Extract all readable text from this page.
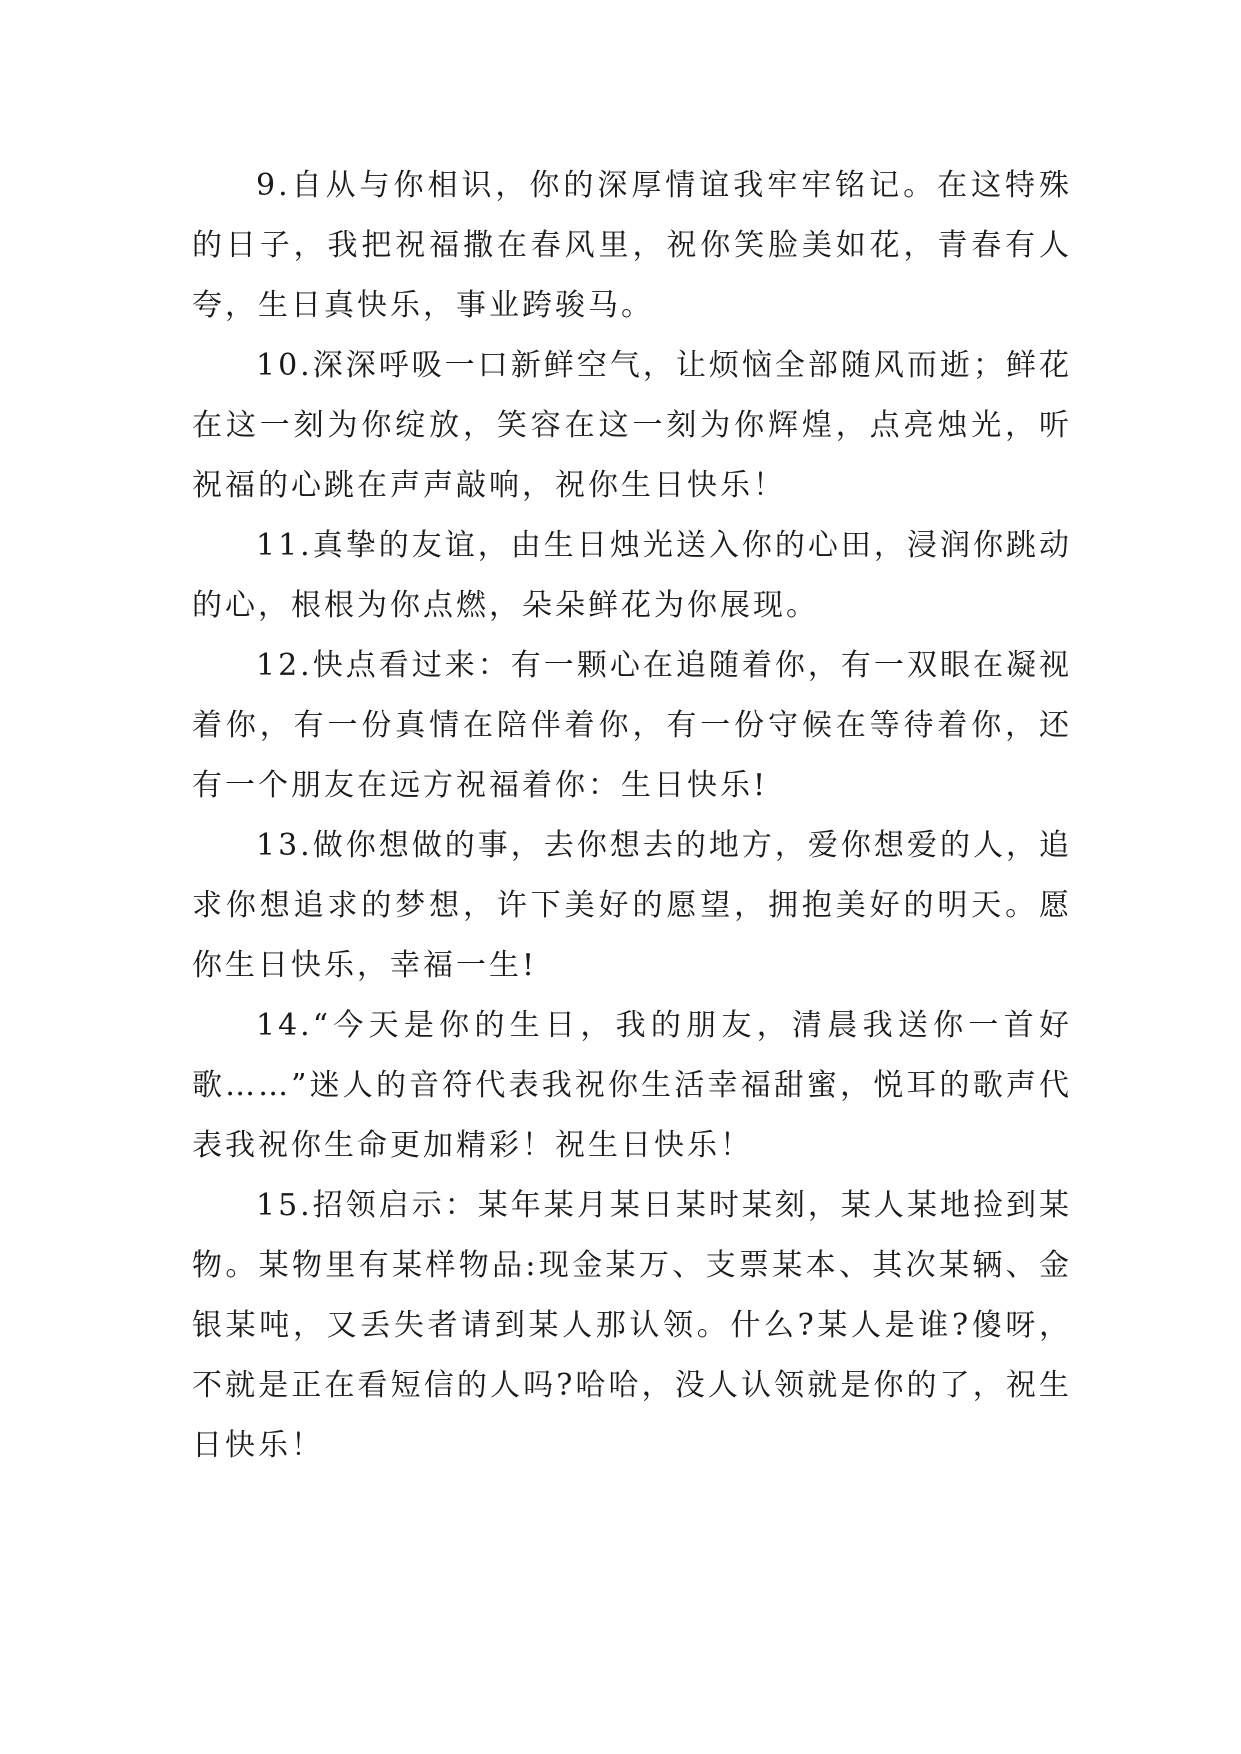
9.自从与你相识，你的深厚情谊我牢牢铭记。在这特殊的日子，我把祝福撒在春风里，祝你笑脸美如花，青春有人夸，生日真快乐，事业跨骏马。

10.深深呼吸一口新鲜空气，让烦恼全部随风而逝；鲜花在这一刻为你绽放，笑容在这一刻为你辉煌，点亮烛光，听祝福的心跳在声声敲响，祝你生日快乐！

11.真挚的友谊，由生日烛光送入你的心田，浸润你跳动的心，根根为你点燃，朵朵鲜花为你展现。

12.快点看过来：有一颗心在追随着你，有一双眼在凝视着你，有一份真情在陪伴着你，有一份守候在等待着你，还有一个朋友在远方祝福着你：生日快乐!

13.做你想做的事，去你想去的地方，爱你想爱的人，追求你想追求的梦想，许下美好的愿望，拥抱美好的明天。愿你生日快乐，幸福一生!

14.“今天是你的生日，我的朋友，清晨我送你一首好歌……”迷人的音符代表我祝你生活幸福甜蜜，悦耳的歌声代表我祝你生命更加精彩！祝生日快乐！

15.招领启示：某年某月某日某时某刻，某人某地捡到某物。某物里有某样物品:现金某万、支票某本、其次某辆、金银某吨，又丢失者请到某人那认领。什么?某人是谁?傻呀，不就是正在看短信的人吗?哈哈，没人认领就是你的了，祝生日快乐！
